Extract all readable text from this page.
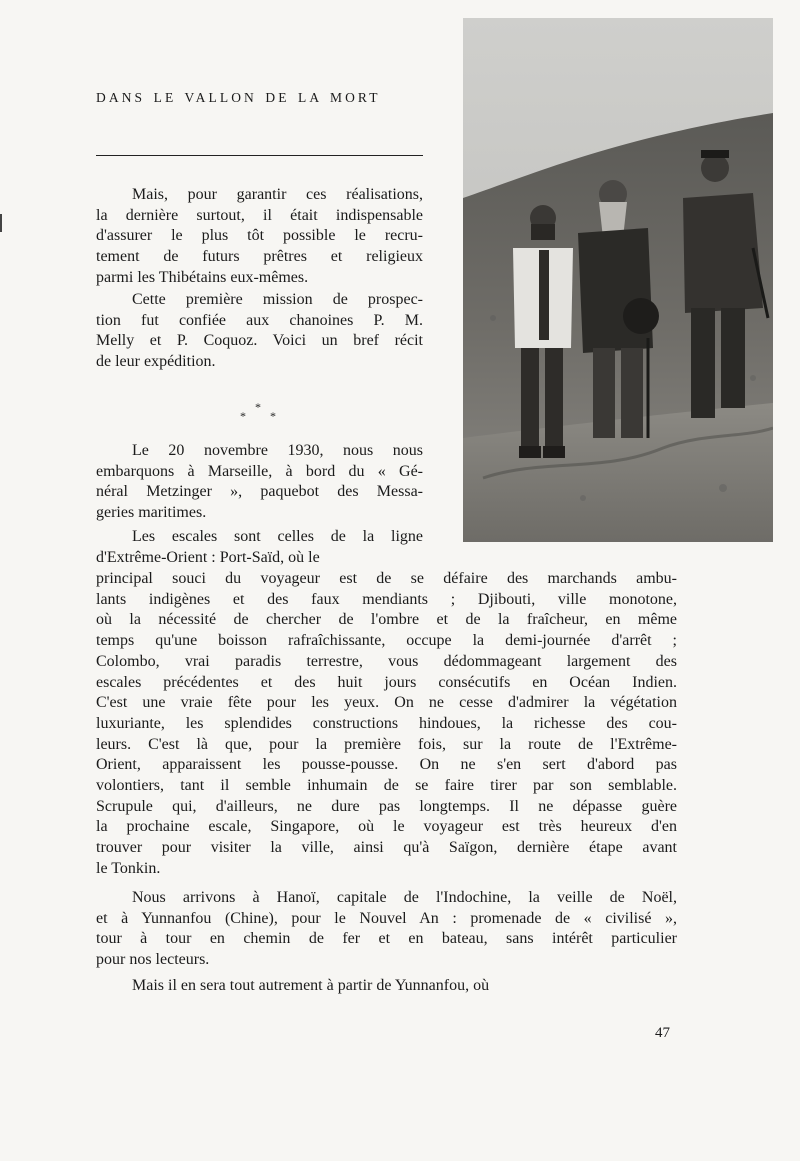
DANS LE VALLON DE LA MORT
Mais, pour garantir ces réalisations,
la dernière surtout, il était indispensable
d'assurer le plus tôt possible le recru-
tement de futurs prêtres et religieux
parmi les Thibétains eux-mêmes.
Cette première mission de prospec-
tion fut confiée aux chanoines P. M.
Melly et P. Coquoz. Voici un bref récit
de leur expédition.
*
* *
Le 20 novembre 1930, nous nous
embarquons à Marseille, à bord du « Gé-
néral Metzinger », paquebot des Messa-
geries maritimes.
Les escales sont celles de la ligne
d'Extrême-Orient : Port-Saïd, où le
principal souci du voyageur est de se défaire des marchands ambu-
lants indigènes et des faux mendiants ; Djibouti, ville monotone,
où la nécessité de chercher de l'ombre et de la fraîcheur, en même
temps qu'une boisson rafraîchissante, occupe la demi-journée d'arrêt ;
Colombo, vrai paradis terrestre, vous dédommageant largement des
escales précédentes et des huit jours consécutifs en Océan Indien.
C'est une vraie fête pour les yeux. On ne cesse d'admirer la végétation
luxuriante, les splendides constructions hindoues, la richesse des cou-
leurs. C'est là que, pour la première fois, sur la route de l'Extrême-
Orient, apparaissent les pousse-pousse. On ne s'en sert d'abord pas
volontiers, tant il semble inhumain de se faire tirer par son semblable.
Scrupule qui, d'ailleurs, ne dure pas longtemps. Il ne dépasse guère
la prochaine escale, Singapore, où le voyageur est très heureux d'en
trouver pour visiter la ville, ainsi qu'à Saïgon, dernière étape avant
le Tonkin.
Nous arrivons à Hanoï, capitale de l'Indochine, la veille de Noël,
et à Yunnanfou (Chine), pour le Nouvel An : promenade de « civilisé »,
tour à tour en chemin de fer et en bateau, sans intérêt particulier
pour nos lecteurs.
Mais il en sera tout autrement à partir de Yunnanfou, où
47
